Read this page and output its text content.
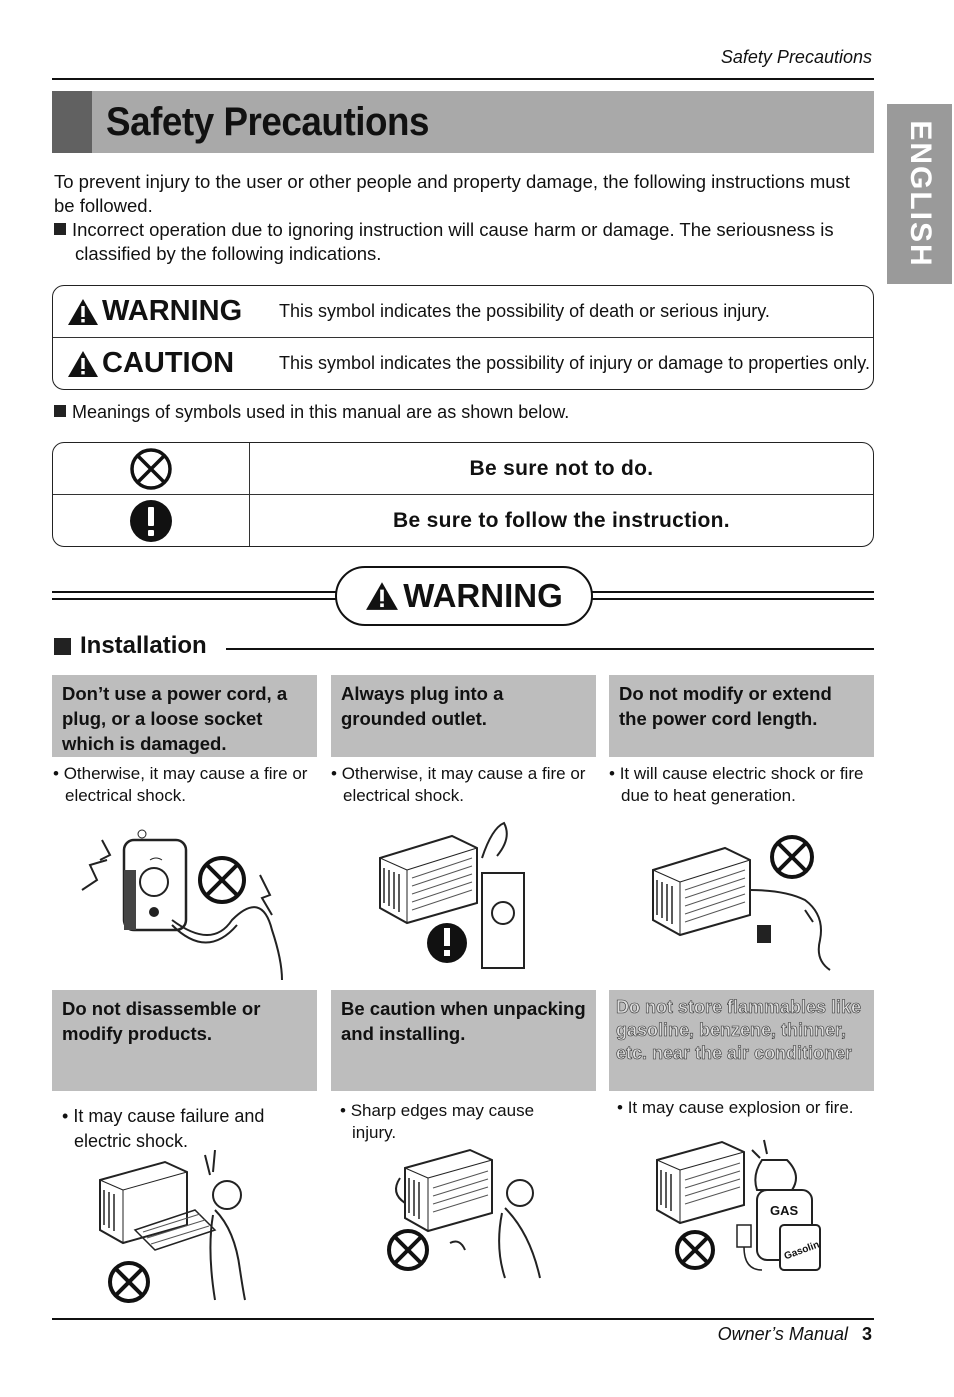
Safety Precautions
Safety Precautions	ENGLISH
To prevent injury to the user or other people and property damage, the following instructions must be followed.
Incorrect operation due to ignoring instruction will cause harm or damage. The seriousness is classified by the following indications.
WARNING This symbol indicates the possibility of death or serious injury.
CAUTION This symbol indicates the possibility of injury or damage to properties only.
Meanings of symbols used in this manual are as shown below.
Be sure not to do.
Be sure to follow the instruction.
WARNING
Installation
Don’t use a power cord, a plug, or a loose socket which is damaged.
Always plug into a grounded outlet.
Do not modify or extend the power cord length.
• Otherwise, it may cause a fire or electrical shock.
• Otherwise, it may cause a fire or electrical shock.
• It will cause electric shock or fire due to heat generation.
Do not disassemble or modify products.
Be caution when unpacking and installing.
Do not store flammables like gasoline, benzene, thinner, etc. near the air conditioner
• It may cause failure and electric shock.
• Sharp edges may cause injury.
• It may cause explosion or fire.
GAS
Gasolin
Owner’s Manual 3
